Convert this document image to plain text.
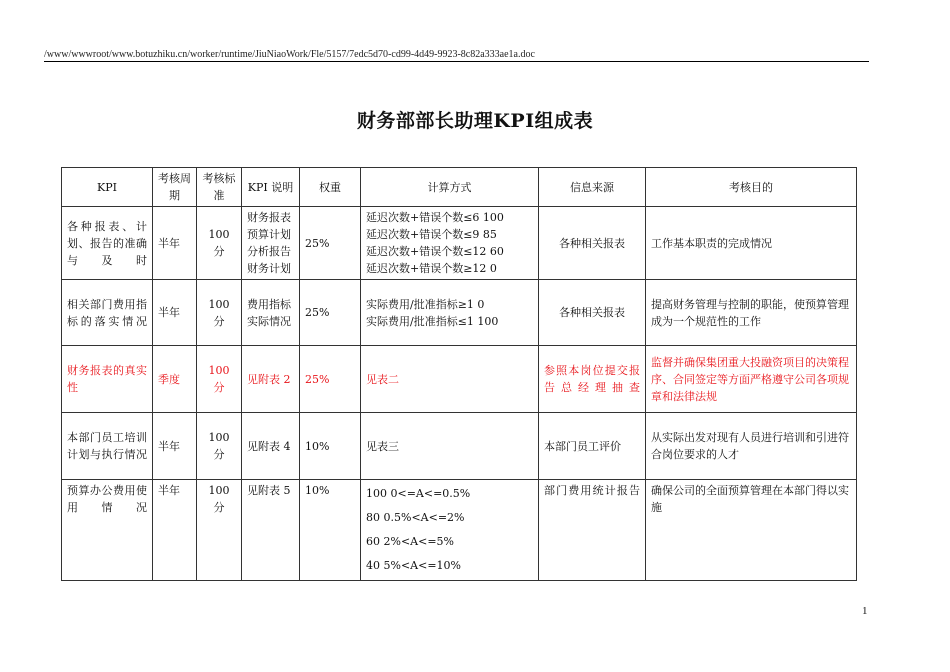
/www/wwwroot/www.botuzhiku.cn/worker/runtime/JiuNiaoWork/Fle/5157/7edc5d70-cd99-4d49-9923-8c82a333ae1a.doc
财务部部长助理KPI组成表
KPI	考核周期	考核标准	KPI 说明	权重	计算方式	信息来源	考核目的
各种报表、计划、报告的准确与及时	半年	100 分	财务报表
预算计划
分析报告
财务计划	25%	延迟次数+错误个数≤6 100
延迟次数+错误个数≤9 85
延迟次数+错误个数≤12 60
延迟次数+错误个数≥12 0	各种相关报表	工作基本职责的完成情况
相关部门费用指标的落实情况	半年	100 分	费用指标
实际情况	25%	实际费用/批准指标≥1 0
实际费用/批准指标≤1 100	各种相关报表	提高财务管理与控制的职能，使预算管理成为一个规范性的工作
财务报表的真实性	季度	100 分	见附表 2	25%	见表二	参照本岗位提交报告总经理抽查	监督并确保集团重大投融资项目的决策程序、合同签定等方面严格遵守公司各项规章和法律法规
本部门员工培训计划与执行情况	半年	100 分	见附表 4	10%	见表三	本部门员工评价	从实际出发对现有人员进行培训和引进符合岗位要求的人才
预算办公费用使用情况	半年	100 分	见附表 5	10%	100 0<=A<=0.5%
80 0.5%<A<=2%
60 2%<A<=5%
40 5%<A<=10%	部门费用统计报告	确保公司的全面预算管理在本部门得以实施
1
